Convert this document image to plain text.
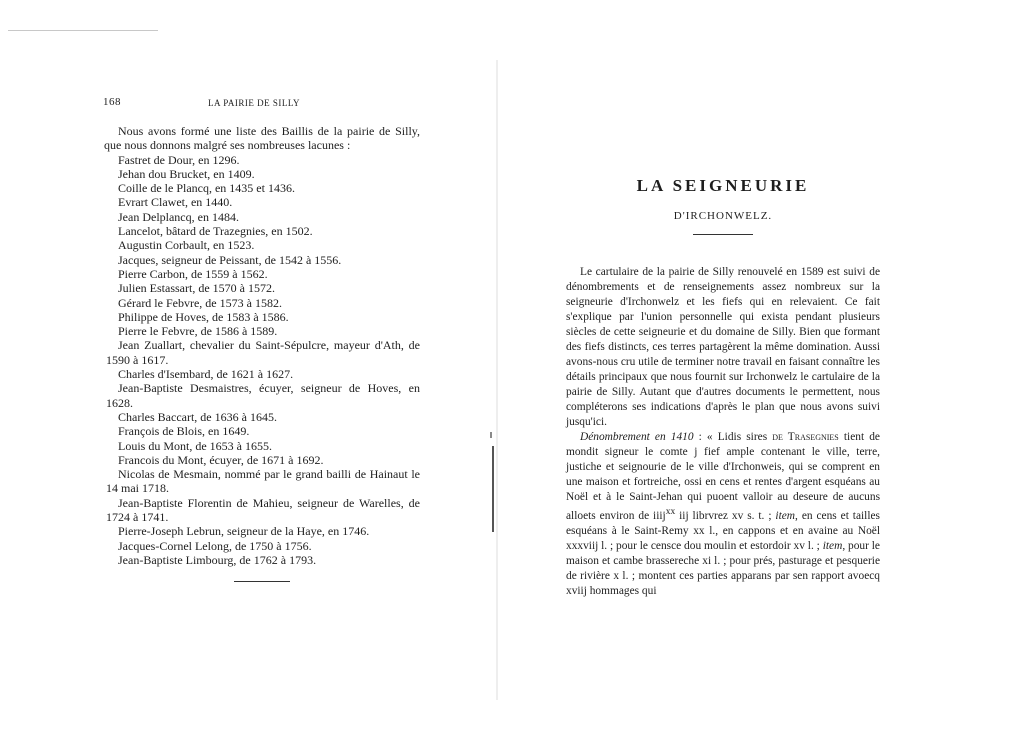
168	LA PAIRIE DE SILLY

Nous avons formé une liste des Baillis de la pairie de Silly, que nous donnons malgré ses nombreuses lacunes :

Fastret de Dour, en 1296.

Jehan dou Brucket, en 1409.

Coille de le Plancq, en 1435 et 1436.

Evrart Clawet, en 1440.

Jean Delplancq, en 1484.

Lancelot, bâtard de Trazegnies, en 1502.

Augustin Corbault, en 1523.

Jacques, seigneur de Peissant, de 1542 à 1556.

Pierre Carbon, de 1559 à 1562.

Julien Estassart, de 1570 à 1572.

Gérard le Febvre, de 1573 à 1582.

Philippe de Hoves, de 1583 à 1586.

Pierre le Febvre, de 1586 à 1589.

Jean Zuallart, chevalier du Saint-Sépulcre, mayeur d'Ath, de 1590 à 1617.

Charles d'Isembard, de 1621 à 1627.

Jean-Baptiste Desmaistres, écuyer, seigneur de Hoves, en 1628.

Charles Baccart, de 1636 à 1645.

François de Blois, en 1649.

Louis du Mont, de 1653 à 1655.

Francois du Mont, écuyer, de 1671 à 1692.

Nicolas de Mesmain, nommé par le grand bailli de Hainaut le 14 mai 1718.

Jean-Baptiste Florentin de Mahieu, seigneur de Warelles, de 1724 à 1741.

Pierre-Joseph Lebrun, seigneur de la Haye, en 1746.

Jacques-Cornel Lelong, de 1750 à 1756.

Jean-Baptiste Limbourg, de 1762 à 1793.

LA SEIGNEURIE

D'IRCHONWELZ.

Le cartulaire de la pairie de Silly renouvelé en 1589 est suivi de dénombrements et de renseignements assez nombreux sur la seigneurie d'Irchonwelz et les fiefs qui en relevaient. Ce fait s'explique par l'union personnelle qui exista pendant plusieurs siècles de cette seigneurie et du domaine de Silly. Bien que formant des fiefs distincts, ces terres partagèrent la même domination. Aussi avons-nous cru utile de terminer notre travail en faisant connaître les détails principaux que nous fournit sur Irchonwelz le cartulaire de la pairie de Silly. Autant que d'autres documents le permettent, nous compléterons ses indications d'après le plan que nous avons suivi jusqu'ici.

Dénombrement en 1410 : « Lidis sires de Trasegnies tient de mondit signeur le comte j fief ample contenant le ville, terre, justiche et seignourie de le ville d'Irchonweis, qui se comprent en une maison et fortreiche, ossi en cens et rentes d'argent esquéans au Noël et à le Saint-Jehan qui puoent valloir au deseure de aucuns alloets environ de iiij$^{xx}$ iij librvrez xv s. t. ; item, en cens et tailles esquéans à le Saint-Remy xx l., en cappons et en avaine au Noël xxxviij l. ; pour le censce dou moulin et estordoir xv l. ; item, pour le maison et cambe brassereche xi l. ; pour prés, pasturage et pesquerie de rivière x l. ; montent ces parties apparans par sen rapport avoecq xviij hommages qui
